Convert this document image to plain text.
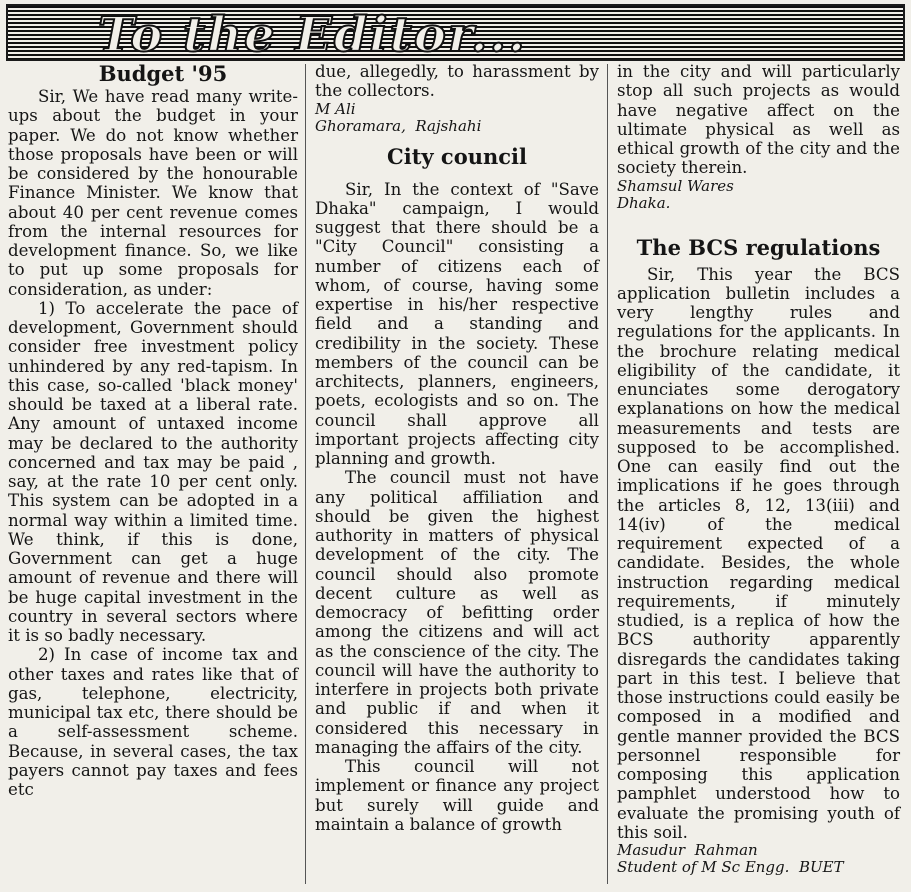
To the Editor...
Budget '95

Sir, We have read many write-ups about the budget in your paper. We do not know whether those proposals have been or will be considered by the honourable Finance Minister. We know that about 40 per cent revenue comes from the internal resources for development finance. So, we like to put up some proposals for consideration, as under:

1) To accelerate the pace of development, Government should consider free investment policy unhindered by any red-tapism. In this case, so-called 'black money' should be taxed at a liberal rate. Any amount of untaxed income may be declared to the authority concerned and tax may be paid , say, at the rate 10 per cent only. This system can be adopted in a normal way within a limited time. We think, if this is done, Government can get a huge amount of revenue and there will be huge capital investment in the country in several sectors where it is so badly necessary.

2) In case of income tax and other taxes and rates like that of gas, telephone, electricity, municipal tax etc, there should be a self-assessment scheme. Because, in several cases, the tax payers cannot pay taxes and fees etc

due, allegedly, to harassment by the collectors.

M Ali
Ghoramara,  Rajshahi
City council

Sir, In the context of "Save Dhaka" campaign, I would suggest that there should be a "City Council" consisting a number of citizens each of whom, of course, having some expertise in his/her respective field and a standing and credibility in the society. These members of the council can be architects, planners, engineers, poets, ecologists and so on. The council shall approve all important projects affecting city planning and growth.

The council must not have any political affiliation and should be given the highest authority in matters of physical development of the city. The council should also promote decent culture as well as democracy of befitting order among the citizens and will act as the conscience of the city. The council will have the authority to interfere in projects both private and public if and when it considered this necessary in managing the affairs of the city.

This council will not implement or finance any project but surely will guide and maintain a balance of growth

in the city and will particularly stop all such projects as would have negative affect on the ultimate physical as well as ethical growth of the city and the society therein.

Shamsul Wares
Dhaka.
The BCS regulations

Sir, This year the BCS application bulletin includes a very lengthy rules and regulations for the applicants. In the brochure relating medical eligibility of the candidate, it enunciates some derogatory explanations on how the medical measurements and tests are supposed to be accomplished. One can easily find out the implications if he goes through the articles 8, 12, 13(iii) and 14(iv) of the medical requirement expected of a candidate. Besides, the whole instruction regarding medical requirements, if minutely studied, is a replica of how the BCS authority apparently disregards the candidates taking part in this test. I believe that those instructions could easily be composed in a modified and gentle manner provided the BCS personnel responsible for composing this application pamphlet understood how to evaluate the promising youth of this soil.

Masudur  Rahman
Student of M Sc Engg.  BUET
